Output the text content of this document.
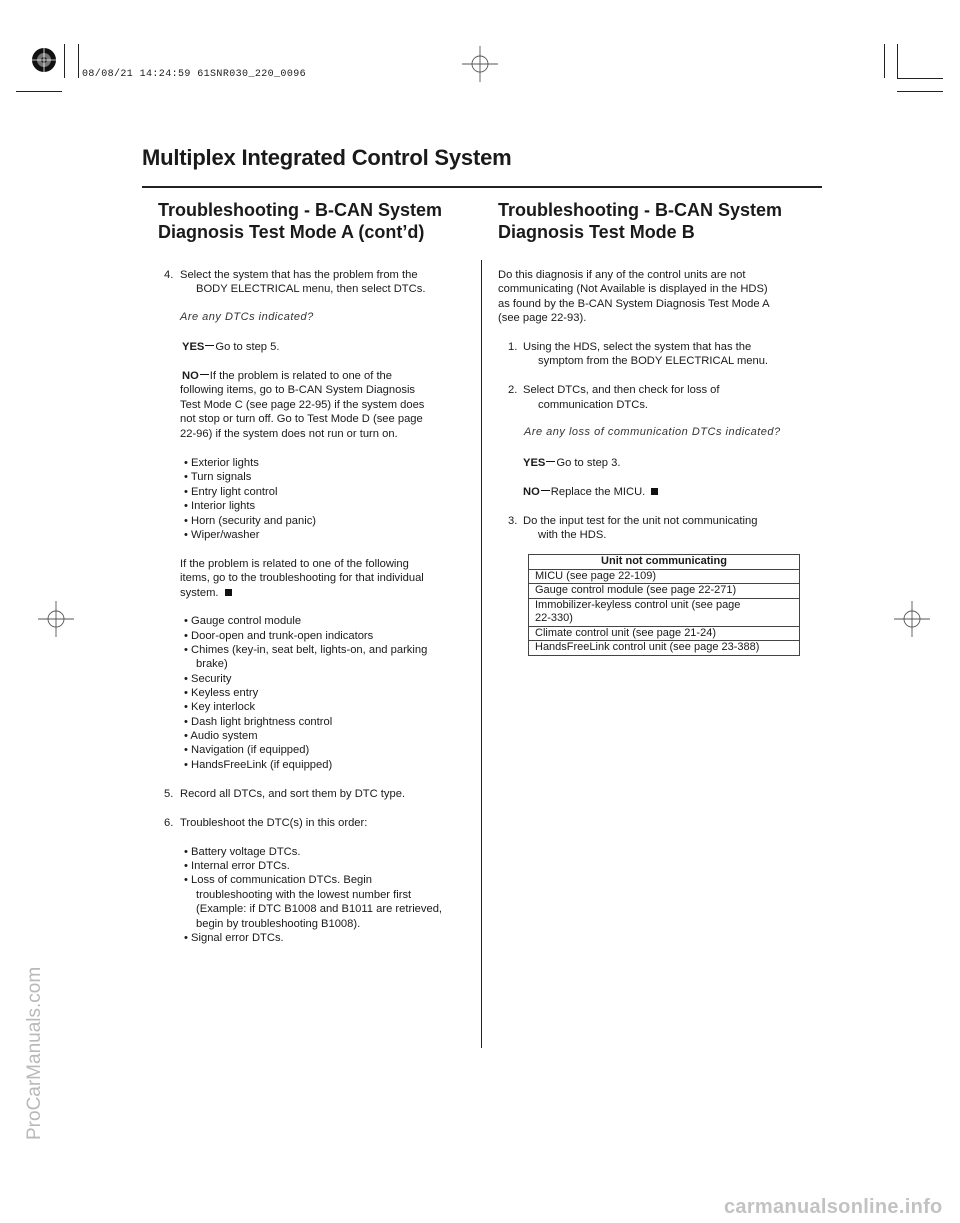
08/08/21 14:24:59 61SNR030_220_0096
Multiplex Integrated Control System
Troubleshooting - B-CAN System
Diagnosis Test Mode A (cont’d)
Troubleshooting - B-CAN System
Diagnosis Test Mode B
4. Select the system that has the problem from the
BODY ELECTRICAL menu, then select DTCs.
Are any DTCs indicated?
YES Go to step 5.
NO If the problem is related to one of the
following items, go to B-CAN System Diagnosis
Test Mode C (see page 22-95) if the system does
not stop or turn off. Go to Test Mode D (see page
22-96) if the system does not run or turn on.
• Exterior lights
• Turn signals
• Entry light control
• Interior lights
• Horn (security and panic)
• Wiper/washer
If the problem is related to one of the following
items, go to the troubleshooting for that individual
system.
• Gauge control module
• Door-open and trunk-open indicators
• Chimes (key-in, seat belt, lights-on, and parking
brake)
• Security
• Keyless entry
• Key interlock
• Dash light brightness control
• Audio system
• Navigation (if equipped)
• HandsFreeLink (if equipped)
5. Record all DTCs, and sort them by DTC type.
6. Troubleshoot the DTC(s) in this order:
• Battery voltage DTCs.
• Internal error DTCs.
• Loss of communication DTCs. Begin
troubleshooting with the lowest number first
(Example: if DTC B1008 and B1011 are retrieved,
begin by troubleshooting B1008).
• Signal error DTCs.
Do this diagnosis if any of the control units are not
communicating (Not Available is displayed in the HDS)
as found by the B-CAN System Diagnosis Test Mode A
(see page 22-93).
1. Using the HDS, select the system that has the
symptom from the BODY ELECTRICAL menu.
2. Select DTCs, and then check for loss of
communication DTCs.
Are any loss of communication DTCs indicated?
YES Go to step 3.
NO Replace the MICU.
3. Do the input test for the unit not communicating
with the HDS.
Unit not communicating
MICU (see page 22-109)
Gauge control module (see page 22-271)
Immobilizer-keyless control unit (see page
22-330)
Climate control unit (see page 21-24)
HandsFreeLink control unit (see page 23-388)
ProCarManuals.com
carmanualsonline.info
